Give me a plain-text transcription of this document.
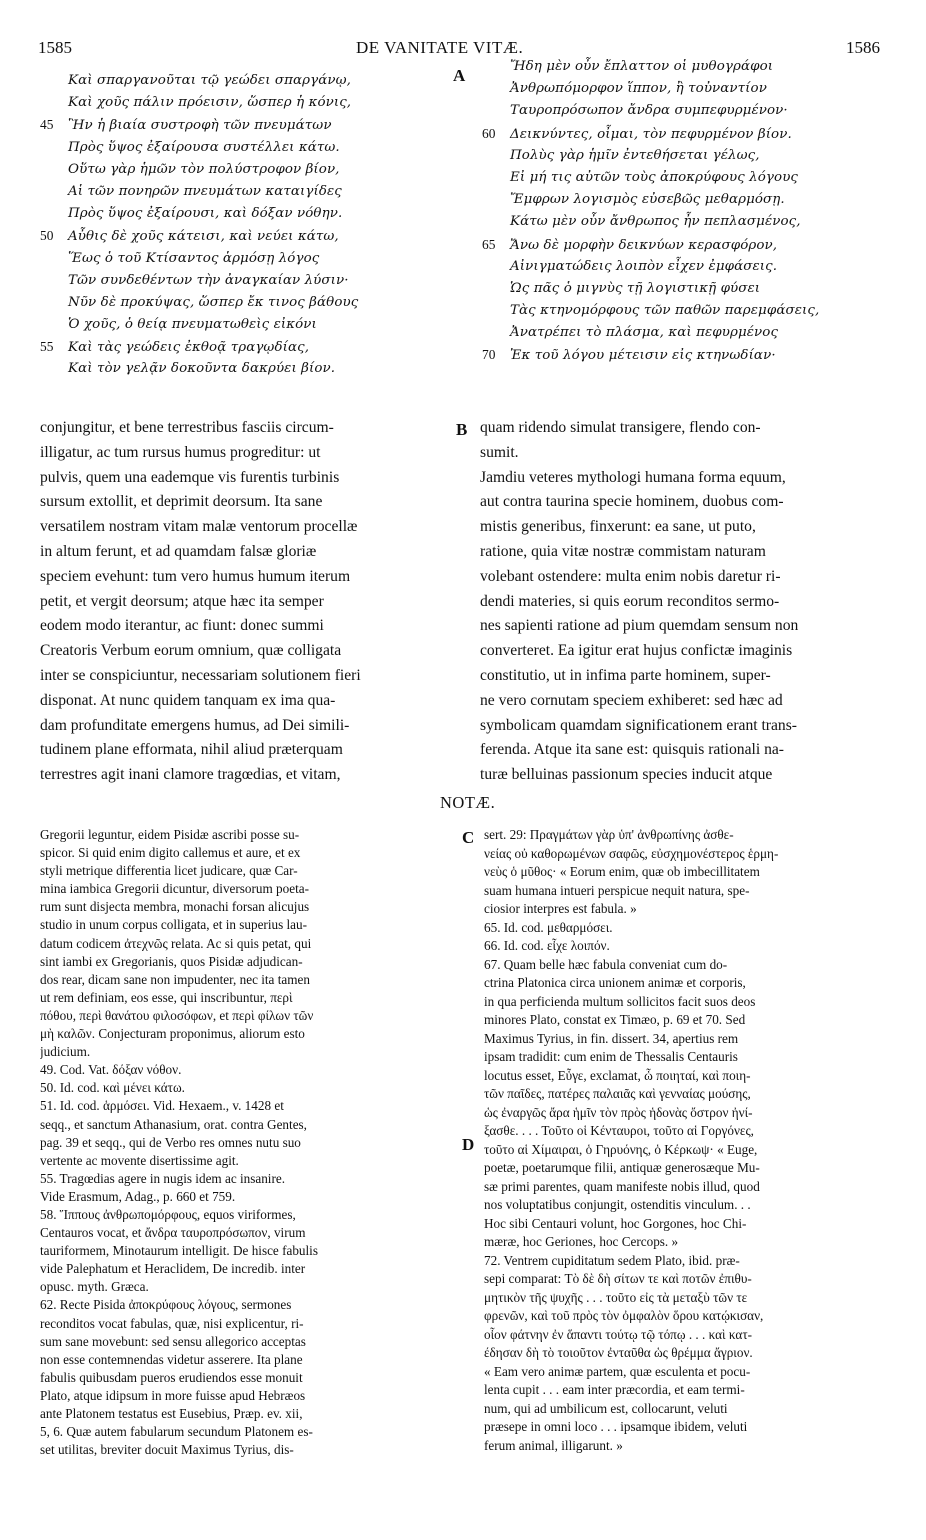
1585	DE VANITATE VITÆ.	1586
A
B
C
D
Καὶ σπαργανοῦται τῷ γεώδει σπαργάνῳ,
Καὶ χοῦς πάλιν πρόεισιν, ὥσπερ ἡ κόνις,
45 Ἣν ἡ βιαία συστροφὴ τῶν πνευμάτων
Πρὸς ὕψος ἐξαίρουσα συστέλλει κάτω.
Οὕτω γὰρ ἡμῶν τὸν πολύστροφον βίον,
Αἱ τῶν πονηρῶν πνευμάτων καταιγίδες
Πρὸς ὕψος ἐξαίρουσι, καὶ δόξαν νόθην.
50 Αὖθις δὲ χοῦς κάτεισι, καὶ νεύει κάτω,
Ἕως ὁ τοῦ Κτίσαντος ἁρμόσῃ λόγος
Τῶν συνδεθέντων τὴν ἀναγκαίαν λύσιν·
Νῦν δὲ προκύψας, ὥσπερ ἔκ τινος βάθους
Ὁ χοῦς, ὁ θείᾳ πνευματωθεὶς εἰκόνι
55 Καὶ τὰς γεώδεις ἐκθοᾷ τραγῳδίας,
Καὶ τὸν γελᾷν δοκοῦντα δακρύει βίον.
Ἤδη μὲν οὖν ἔπλαττον οἱ μυθογράφοι
Ἀνθρωπόμορφον ἵππον, ἢ τοὐναντίον
Ταυροπρόσωπον ἄνδρα συμπεφυρμένον·
60 Δεικνύντες, οἶμαι, τὸν πεφυρμένον βίον.
Πολὺς γὰρ ἡμῖν ἐντεθήσεται γέλως,
Εἰ μή τις αὐτῶν τοὺς ἀποκρύφους λόγους
Ἔμφρων λογισμὸς εὐσεβῶς μεθαρμόσῃ.
Κάτω μὲν οὖν ἄνθρωπος ἦν πεπλασμένος,
65 Ἄνω δὲ μορφὴν δεικνύων κερασφόρον,
Αἰνιγματώδεις λοιπὸν εἶχεν ἐμφάσεις.
Ὡς πᾶς ὁ μιγνὺς τῇ λογιστικῇ φύσει
Τὰς κτηνομόρφους τῶν παθῶν παρεμφάσεις,
Ἀνατρέπει τὸ πλάσμα, καὶ πεφυρμένος
70 Ἐκ τοῦ λόγου μέτεισιν εἰς κτηνωδίαν·
conjungitur, et bene terrestribus fasciis circum-
illigatur, ac tum rursus humus progreditur: ut
pulvis, quem una eademque vis furentis turbinis
sursum extollit, et deprimit deorsum. Ita sane
versatilem nostram vitam malæ ventorum procellæ
in altum ferunt, et ad quamdam falsæ gloriæ
speciem evehunt: tum vero humus humum iterum
petit, et vergit deorsum; atque hæc ita semper
eodem modo iterantur, ac fiunt: donec summi
Creatoris Verbum eorum omnium, quæ colligata
inter se conspiciuntur, necessariam solutionem fieri
disponat. At nunc quidem tanquam ex ima qua-
dam profunditate emergens humus, ad Dei simili-
tudinem plane efformata, nihil aliud præterquam
terrestres agit inani clamore tragœdias, et vitam,
quam ridendo simulat transigere, flendo con-
sumit.
Jamdiu veteres mythologi humana forma equum,
aut contra taurina specie hominem, duobus com-
mistis generibus, finxerunt: ea sane, ut puto,
ratione, quia vitæ nostræ commistam naturam
volebant ostendere: multa enim nobis daretur ri-
dendi materies, si quis eorum reconditos sermo-
nes sapienti ratione ad pium quemdam sensum non
converteret. Ea igitur erat hujus confictæ imaginis
constitutio, ut in infima parte hominem, super-
ne vero cornutam speciem exhiberet: sed hæc ad
symbolicam quamdam significationem erant trans-
ferenda. Atque ita sane est: quisquis rationali na-
turæ belluinas passionum species inducit atque
NOTÆ.
Gregorii leguntur, eidem Pisidæ ascribi posse su-
spicor. Si quid enim digito callemus et aure, et ex
styli metrique differentia licet judicare, quæ Car-
mina iambica Gregorii dicuntur, diversorum poeta-
rum sunt disjecta membra, monachi forsan alicujus
studio in unum corpus colligata, et in superius lau-
datum codicem ἀτεχνῶς relata. Ac si quis petat, qui
sint iambi ex Gregorianis, quos Pisidæ adjudican-
dos rear, dicam sane non impudenter, nec ita tamen
ut rem definiam, eos esse, qui inscribuntur, περὶ
πόθου, περὶ θανάτου φιλοσόφων, et περὶ φίλων τῶν
μὴ καλῶν. Conjecturam proponimus, aliorum esto
judicium.
49. Cod. Vat. δόξαν νόθον.
50. Id. cod. καὶ μένει κάτω.
51. Id. cod. ἁρμόσει. Vid. Hexaem., v. 1428 et
seqq., et sanctum Athanasium, orat. contra Gentes,
pag. 39 et seqq., qui de Verbo res omnes nutu suo
vertente ac movente disertissime agit.
55. Tragœdias agere in nugis idem ac insanire.
Vide Erasmum, Adag., p. 660 et 759.
58. Ἵππους ἀνθρωπομόρφους, equos viriformes,
Centauros vocat, et ἄνδρα ταυροπρόσωπον, virum
tauriformem, Minotaurum intelligit. De hisce fabulis
vide Palephatum et Heraclidem, De incredib. inter
opusc. myth. Græca.
62. Recte Pisida ἀποκρύφους λόγους, sermones
reconditos vocat fabulas, quæ, nisi explicentur, ri-
sum sane movebunt: sed sensu allegorico acceptas
non esse contemnendas videtur asserere. Ita plane
fabulis quibusdam pueros erudiendos esse monuit
Plato, atque idipsum in more fuisse apud Hebræos
ante Platonem testatus est Eusebius, Præp. ev. xii,
5, 6. Quæ autem fabularum secundum Platonem es-
set utilitas, breviter docuit Maximus Tyrius, dis-
sert. 29: Πραγμάτων γὰρ ὑπ' ἀνθρωπίνης ἀσθε-
νείας οὐ καθορωμένων σαφῶς, εὐσχημονέστερος ἑρμη-
νεὺς ὁ μῦθος· « Eorum enim, quæ ob imbecillitatem
suam humana intueri perspicue nequit natura, spe-
ciosior interpres est fabula. »
65. Id. cod. μεθαρμόσει.
66. Id. cod. εἶχε λοιπόν.
67. Quam belle hæc fabula conveniat cum do-
ctrina Platonica circa unionem animæ et corporis,
in qua perficienda multum sollicitos facit suos deos
minores Plato, constat ex Timæo, p. 69 et 70. Sed
Maximus Tyrius, in fin. dissert. 34, apertius rem
ipsam tradidit: cum enim de Thessalis Centauris
locutus esset, Εὖγε, exclamat, ὦ ποιηταί, καὶ ποιη-
τῶν παῖδες, πατέρες παλαιᾶς καὶ γενναίας μούσης,
ὡς ἐναργῶς ἄρα ἡμῖν τὸν πρὸς ἡδονὰς ὄστρον ἠνί-
ξασθε. . . . Τοῦτο οἱ Κένταυροι, τοῦτο αἱ Γοργόνες,
τοῦτο αἱ Χίμαιραι, ὁ Γηρυόνης, ὁ Κέρκωψ· « Euge,
poetæ, poetarumque filii, antiquæ generosæque Mu-
sæ primi parentes, quam manifeste nobis illud, quod
nos voluptatibus conjungit, ostenditis vinculum. . .
Hoc sibi Centauri volunt, hoc Gorgones, hoc Chi-
mæræ, hoc Geriones, hoc Cercops. »
72. Ventrem cupiditatum sedem Plato, ibid. præ-
sepi comparat: Τὸ δὲ δὴ σίτων τε καὶ ποτῶν ἐπιθυ-
μητικὸν τῆς ψυχῆς . . . τοῦτο εἰς τὰ μεταξὺ τῶν τε
φρενῶν, καὶ τοῦ πρὸς τὸν ὀμφαλὸν ὅρου κατῴκισαν,
οἷον φάτνην ἐν ἅπαντι τούτῳ τῷ τόπῳ . . . καὶ κατ-
έδησαν δὴ τὸ τοιοῦτον ἐνταῦθα ὡς θρέμμα ἄγριον.
« Eam vero animæ partem, quæ esculenta et pocu-
lenta cupit . . . eam inter præcordia, et eam termi-
num, qui ad umbilicum est, collocarunt, veluti
præsepe in omni loco . . . ipsamque ibidem, veluti
ferum animal, illigarunt. »
